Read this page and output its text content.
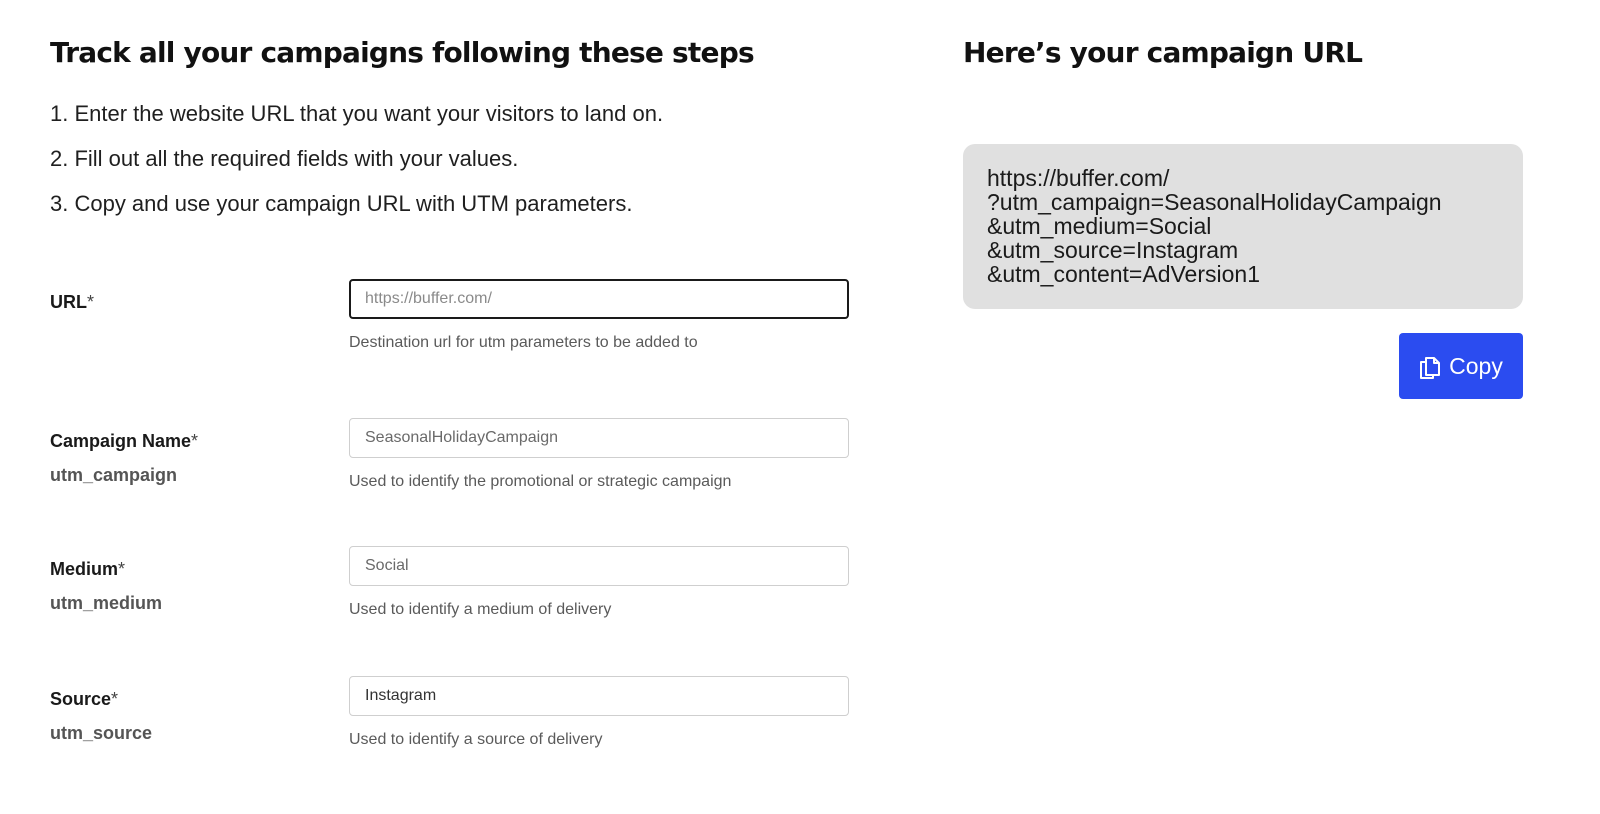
Track all your campaigns following these steps
1. Enter the website URL that you want your visitors to land on.
2. Fill out all the required fields with your values.
3. Copy and use your campaign URL with UTM parameters.
URL*
https://buffer.com/
Destination url for utm parameters to be added to
Campaign Name*
utm_campaign
SeasonalHolidayCampaign	Used to identify the promotional or strategic campaign
Medium*
utm_medium
Social	Used to identify a medium of delivery
Source*
utm_source
Instagram	Used to identify a source of delivery
Here’s your campaign URL
https://buffer.com/
?utm_campaign=SeasonalHolidayCampaign
&utm_medium=Social
&utm_source=Instagram
&utm_content=AdVersion1
Copy
